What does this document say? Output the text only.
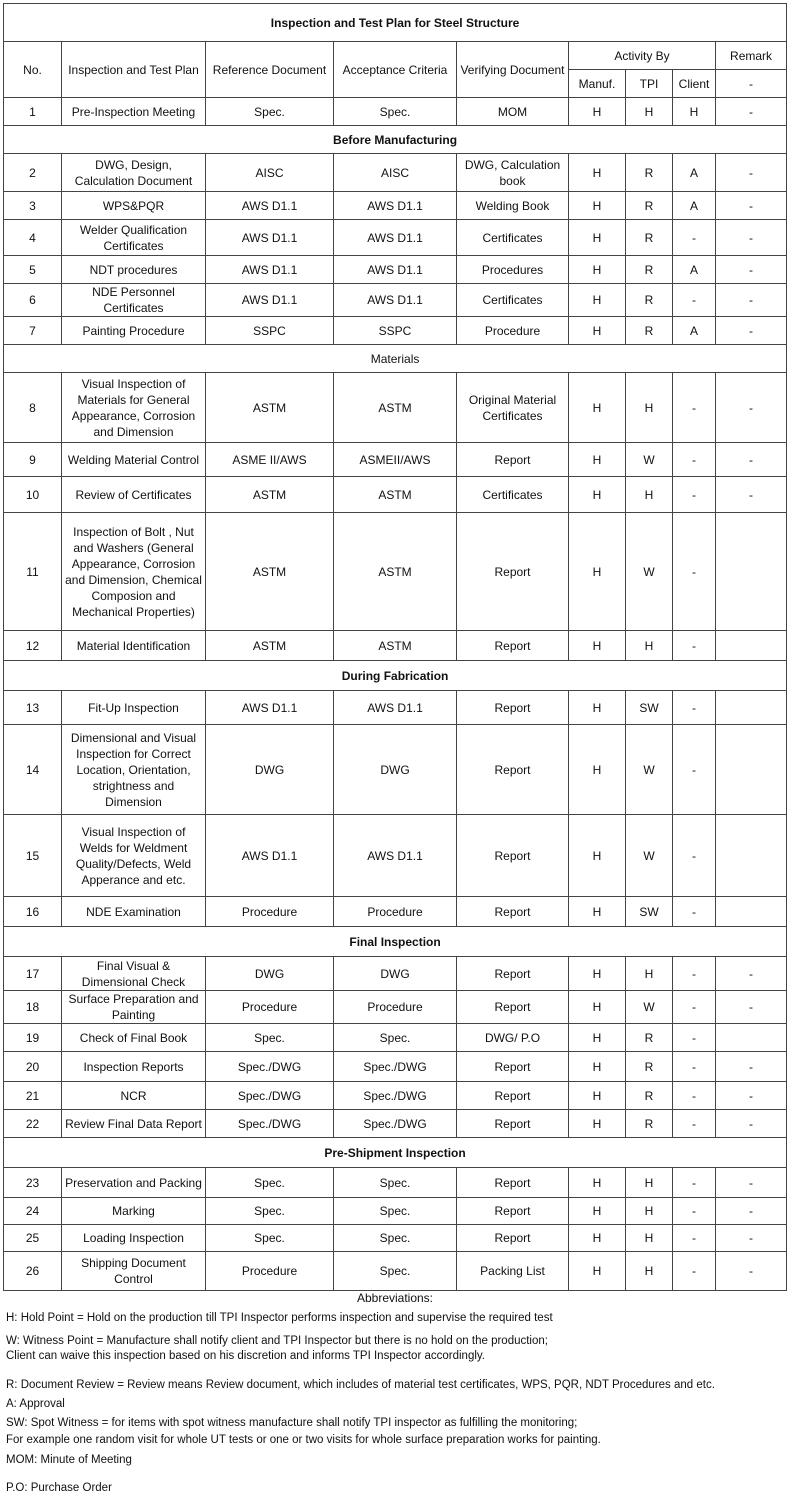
Inspection and Test Plan for Steel Structure								
No.	Inspection and Test Plan	Reference Document	Acceptance Criteria	Verifying Document	Activity By			Remark
					Manuf.	TPI	Client	-
1	Pre-Inspection Meeting	Spec.	Spec.	MOM	H	H	H	-
Before Manufacturing								
2	DWG, Design, Calculation Document	AISC	AISC	DWG, Calculation book	H	R	A	-
3	WPS&PQR	AWS D1.1	AWS D1.1	Welding Book	H	R	A	-
4	Welder Qualification Certificates	AWS D1.1	AWS D1.1	Certificates	H	R	-	-
5	NDT procedures	AWS D1.1	AWS D1.1	Procedures	H	R	A	-
6	NDE Personnel Certificates	AWS D1.1	AWS D1.1	Certificates	H	R	-	-
7	Painting Procedure	SSPC	SSPC	Procedure	H	R	A	-
Materials								
8	Visual Inspection of Materials for General Appearance, Corrosion and Dimension	ASTM	ASTM	Original Material Certificates	H	H	-	-
9	Welding Material Control	ASME II/AWS	ASMEII/AWS	Report	H	W	-	-
10	Review of Certificates	ASTM	ASTM	Certificates	H	H	-	-
11	Inspection of Bolt , Nut and Washers (General Appearance, Corrosion and Dimension, Chemical Composion and Mechanical Properties)	ASTM	ASTM	Report	H	W	-	
12	Material Identification	ASTM	ASTM	Report	H	H	-	
During Fabrication								
13	Fit-Up Inspection	AWS D1.1	AWS D1.1	Report	H	SW	-	
14	Dimensional and Visual Inspection for Correct Location, Orientation, strightness and Dimension	DWG	DWG	Report	H	W	-	
15	Visual Inspection of Welds for Weldment Quality/Defects, Weld Apperance and etc.	AWS D1.1	AWS D1.1	Report	H	W	-	
16	NDE Examination	Procedure	Procedure	Report	H	SW	-	
Final Inspection								
17	Final Visual & Dimensional Check	DWG	DWG	Report	H	H	-	-
18	Surface Preparation and Painting	Procedure	Procedure	Report	H	W	-	-
19	Check of Final Book	Spec.	Spec.	DWG/ P.O	H	R	-	
20	Inspection Reports	Spec./DWG	Spec./DWG	Report	H	R	-	-
21	NCR	Spec./DWG	Spec./DWG	Report	H	R	-	-
22	Review Final Data Report	Spec./DWG	Spec./DWG	Report	H	R	-	-
Pre-Shipment Inspection								
23	Preservation and Packing	Spec.	Spec.	Report	H	H	-	-
24	Marking	Spec.	Spec.	Report	H	H	-	-
25	Loading Inspection	Spec.	Spec.	Report	H	H	-	-
26	Shipping Document Control	Procedure	Spec.	Packing List	H	H	-	-
Abbreviations:
H: Hold Point = Hold on the production till TPI Inspector performs inspection and supervise the required test
W: Witness Point = Manufacture shall notify client and TPI Inspector but there is no hold on the production;
Client can waive this inspection based on his discretion and informs TPI Inspector accordingly.
R: Document Review = Review means Review document, which includes of material test certificates, WPS, PQR, NDT Procedures and etc.
A: Approval
SW: Spot Witness = for items with spot witness manufacture shall notify TPI inspector as fulfilling the monitoring;
For example one random visit for whole UT tests or one or two visits for whole surface preparation works for painting.
MOM: Minute of Meeting
P.O: Purchase Order
